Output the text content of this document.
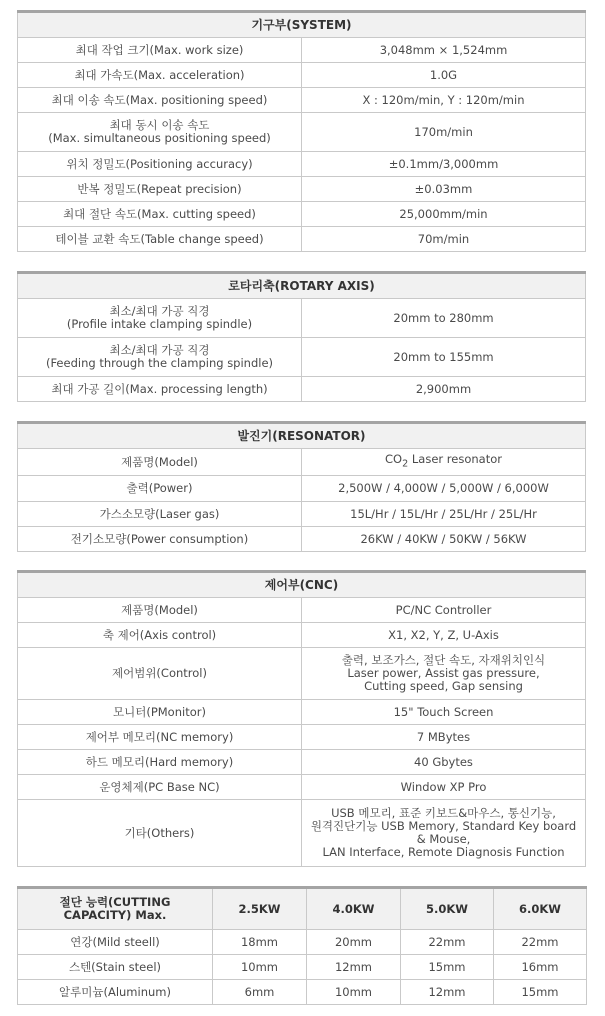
기구부(SYSTEM)	
최대 작업 크기(Max. work size)	3,048mm × 1,524mm
최대 가속도(Max. acceleration)	1.0G
최대 이송 속도(Max. positioning speed)	X : 120m/min, Y : 120m/min

최대 동시 이송 속도
(Max. simultaneous positioning speed)	170m/min
위치 정밀도(Positioning accuracy)	±0.1mm/3,000mm
반복 정밀도(Repeat precision)	±0.03mm
최대 절단 속도(Max. cutting speed)	25,000mm/min
테이블 교환 속도(Table change speed)	70m/min
로타리축(ROTARY AXIS)	

최소/최대 가공 직경
(Profile intake clamping spindle)	20mm to 280mm

최소/최대 가공 직경
(Feeding through the clamping spindle)	20mm to 155mm
최대 가공 길이(Max. processing length)	2,900mm
발진기(RESONATOR)	
제품명(Model)	$CO_2$ Laser resonator
출력(Power)	2,500W / 4,000W / 5,000W / 6,000W
가스소모량(Laser gas)	15L/Hr / 15L/Hr / 25L/Hr / 25L/Hr
전기소모량(Power consumption)	26KW / 40KW / 50KW / 56KW
제어부(CNC)	
제품명(Model)	PC/NC Controller
축 제어(Axis control)	X1, X2, Y, Z, U-Axis
제어범위(Control)	출력, 보조가스, 절단 속도, 자재위치인식
Laser power, Assist gas pressure,
Cutting speed, Gap sensing

모니터(PMonitor)	15" Touch Screen
제어부 메모리(NC memory)	7 MBytes
하드 메모리(Hard memory)	40 Gbytes
운영체제(PC Base NC)	Window XP Pro
기타(Others)	USB 메모리, 표준 키보드&마우스, 통신기능,
원격진단기능 USB Memory, Standard Key board
& Mouse,
LAN Interface, Remote Diagnosis Function
절단 능력(CUTTING
CAPACITY) Max.	2.5KW	4.0KW	5.0KW	6.0KW
연강(Mild steell)	18mm	20mm	22mm	22mm
스텐(Stain steel)	10mm	12mm	15mm	16mm
알루미늄(Aluminum)	6mm	10mm	12mm	15mm
